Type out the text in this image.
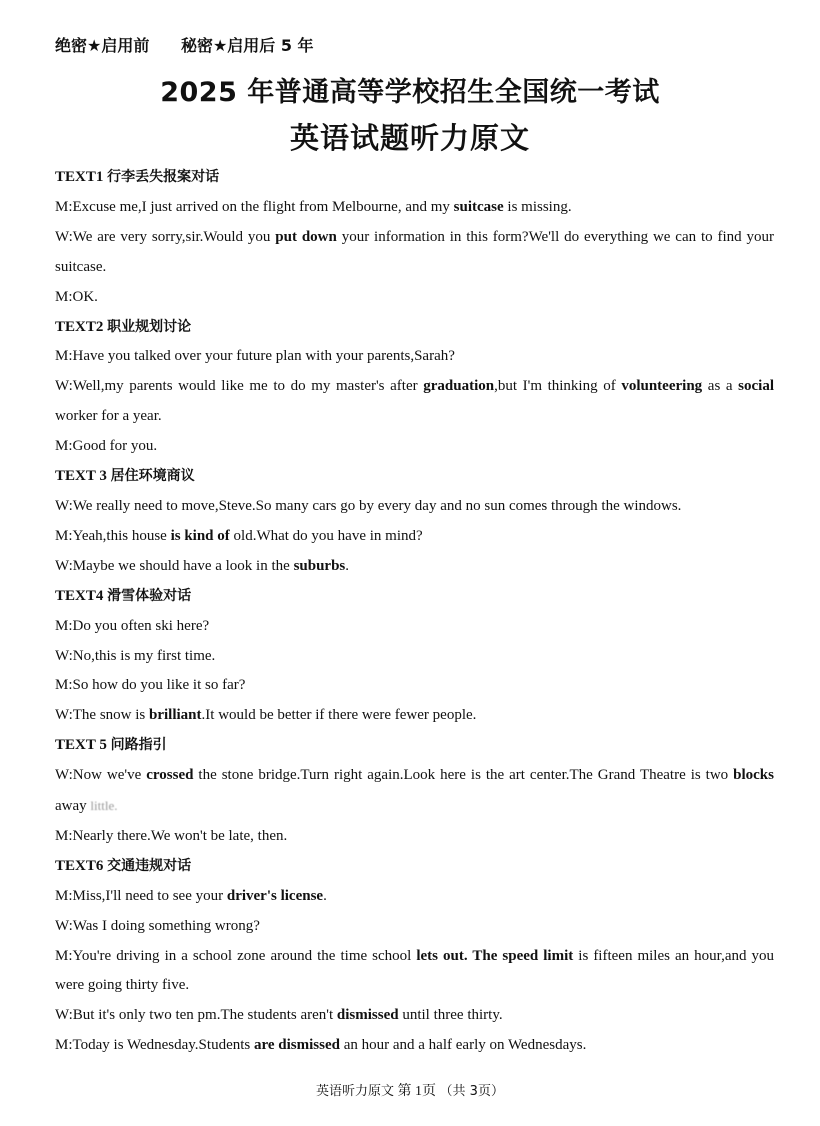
绝密★启用前 秘密★启用后 5 年
2025 年普通高等学校招生全国统一考试
英语试题听力原文
TEXT1 行李丢失报案对话
M:Excuse me,I just arrived on the flight from Melbourne, and my suitcase is missing.
W:We are very sorry,sir.Would you put down your information in this form?We'll do everything we can to find your suitcase.
M:OK.
TEXT2 职业规划讨论
M:Have you talked over your future plan with your parents,Sarah?
W:Well,my parents would like me to do my master's after graduation,but I'm thinking of volunteering as a social worker for a year.
M:Good for you.
TEXT 3 居住环境商议
W:We really need to move,Steve.So many cars go by every day and no sun comes through the windows.
M:Yeah,this house is kind of old.What do you have in mind?
W:Maybe we should have a look in the suburbs.
TEXT4 滑雪体验对话
M:Do you often ski here?
W:No,this is my first time.
M:So how do you like it so far?
W:The snow is brilliant.It would be better if there were fewer people.
TEXT 5 问路指引
W:Now we've crossed the stone bridge.Turn right again.Look here is the art center.The Grand Theatre is two blocks away little.
M:Nearly there.We won't be late, then.
TEXT6 交通违规对话
M:Miss,I'll need to see your driver's license.
W:Was I doing something wrong?
M:You're driving in a school zone around the time school lets out. The speed limit is fifteen miles an hour,and you were going thirty five.
W:But it's only two ten pm.The students aren't dismissed until three thirty.
M:Today is Wednesday.Students are dismissed an hour and a half early on Wednesdays.
英语听力原文 第 1页 （共 3页）
